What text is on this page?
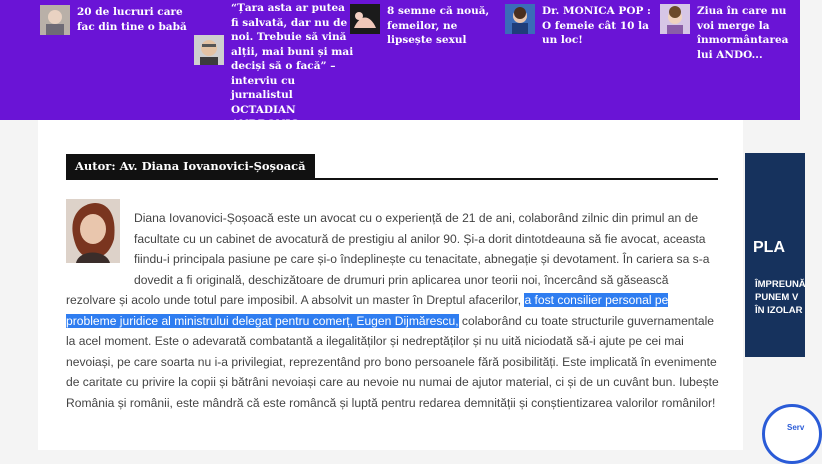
20 de lucruri care fac din tine o babă
“Țara asta ar putea fi salvată, dar nu de noi. Trebuie să vină alții, mai buni și mai deciși să o facă” – interviu cu jurnalistul OCTADIAN
8 semne că nouă, femeilor, ne lipsește sexul
Dr. MONICA POP : O femeie cât 10 la un loc!
Ziua în care nu voi merge la înmormântarea lui ANDO...
Autor: Av. Diana Iovanovici-Șoșoacă
Diana Iovanovici-Șoșoacă este un avocat cu o experiență de 21 de ani, colaborând zilnic din primul an de facultate cu un cabinet de avocatură de prestigiu al anilor 90. Și-a dorit dintotdeauna să fie avocat, aceasta fiindu-i principala pasiune pe care și-o îndeplinește cu tenacitate, abnegație și devotament. În cariera sa s-a dovedit a fi originală, deschizătoare de drumuri prin aplicarea unor teorii noi, încercând să găsească rezolvare și acolo unde totul pare imposibil. A absolvit un master în Dreptul afacerilor, a fost consilier personal pe probleme juridice al ministrului delegat pentru comerț, Eugen Dijmărescu, colaborând cu toate structurile guvernamentale la acel moment. Este o adevarată combatantă a ilegalităților și nedreptăților și nu uită niciodată să-i ajute pe cei mai nevoiași, pe care soarta nu i-a privilegiat, reprezentând pro bono persoanele fără posibilități. Este implicată în evenimente de caritate cu privire la copii și bătrâni nevoiași care au nevoie nu numai de ajutor material, ci și de un cuvânt bun. Iubește România și românii, este mândră că este româncă și luptă pentru redarea demnității și conștientizarea valorilor românilor!
PLA
ÎMPREUNĂ
PUNEM V
ÎN IZOLAR
Serv
